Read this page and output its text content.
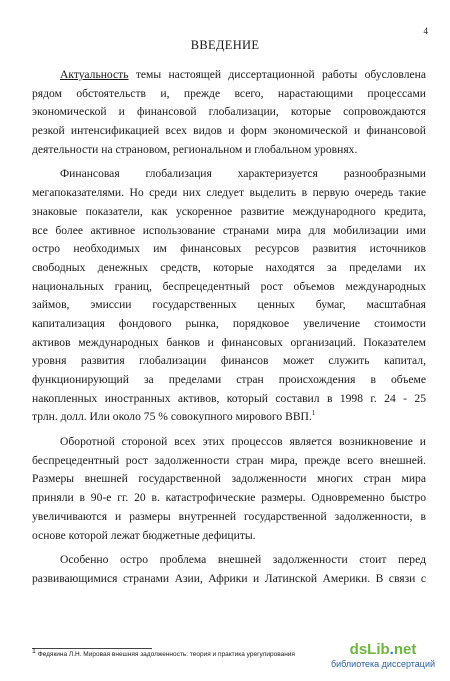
4
ВВЕДЕНИЕ
Актуальность темы настоящей диссертационной работы обусловлена
рядом обстоятельств и, прежде всего, нарастающими процессами
экономической и финансовой глобализации, которые сопровождаются
резкой интенсификацией всех видов и форм экономической и финансовой
деятельности на страновом, региональном и глобальном уровнях.
Финансовая глобализация характеризуется разнообразными
мегапоказателями. Но среди них следует выделить в первую очередь такие
знаковые показатели, как ускоренное развитие международного кредита,
все более активное использование странами мира для мобилизации ими
остро необходимых им финансовых ресурсов развития источников
свободных денежных средств, которые находятся за пределами их
национальных границ, беспрецедентный рост объемов международных
займов, эмиссии государственных ценных бумаг, масштабная
капитализация фондового рынка, порядковое увеличение стоимости
активов международных банков и финансовых организаций. Показателем
уровня развития глобализации финансов может служить капитал,
функционирующий за пределами стран происхождения в объеме
накопленных иностранных активов, который составил в 1998 г. 24 - 25
трлн. долл. Или около 75 % совокупного мирового ВВП.$^1$
Оборотной стороной всех этих процессов является возникновение и
беспрецедентный рост задолженности стран мира, прежде всего внешней.
Размеры внешней государственной задолженности многих стран мира
приняли в 90-е гг. 20 в. катастрофические размеры. Одновременно быстро
увеличиваются и размеры внутренней государственной задолженности, в
основе которой лежат бюджетные дефициты.
Особенно остро проблема внешней задолженности стоит перед
развивающимися странами Азии, Африки и Латинской Америки. В связи с
$^1$ Федякина Л.Н. Мировая внешняя задолженность: теория и практика урегулирования	dsLib.net
библиотека диссертаций
